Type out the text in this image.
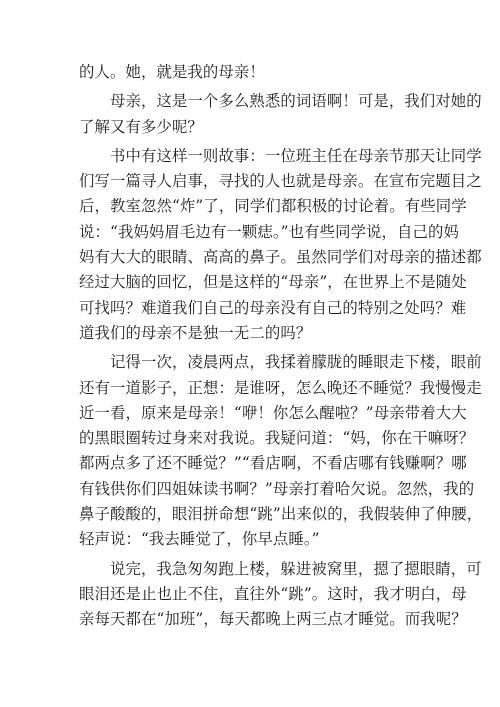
的人。她，就是我的母亲！

　　母亲，这是一个多么熟悉的词语啊！可是，我们对她的
了解又有多少呢？

　　书中有这样一则故事：一位班主任在母亲节那天让同学
们写一篇寻人启事，寻找的人也就是母亲。在宣布完题目之
后，教室忽然“炸”了，同学们都积极的讨论着。有些同学
说：“我妈妈眉毛边有一颗痣。”也有些同学说，自己的妈
妈有大大的眼睛、高高的鼻子。虽然同学们对母亲的描述都
经过大脑的回忆，但是这样的“母亲”，在世界上不是随处
可找吗？难道我们自己的母亲没有自己的特别之处吗？难
道我们的母亲不是独一无二的吗？

　　记得一次，凌晨两点，我揉着朦胧的睡眼走下楼，眼前
还有一道影子，正想：是谁呀，怎么晚还不睡觉？我慢慢走
近一看，原来是母亲！“咿！你怎么醒啦？”母亲带着大大
的黑眼圈转过身来对我说。我疑问道：“妈，你在干嘛呀？
都两点多了还不睡觉？”“看店啊，不看店哪有钱赚啊？哪
有钱供你们四姐妹读书啊？”母亲打着哈欠说。忽然，我的
鼻子酸酸的，眼泪拼命想“跳”出来似的，我假装伸了伸腰，
轻声说：“我去睡觉了，你早点睡。”

　　说完，我急匆匆跑上楼，躲进被窝里，摁了摁眼睛，可
眼泪还是止也止不住，直往外“跳”。这时，我才明白，母
亲每天都在“加班”，每天都晚上两三点才睡觉。而我呢？
